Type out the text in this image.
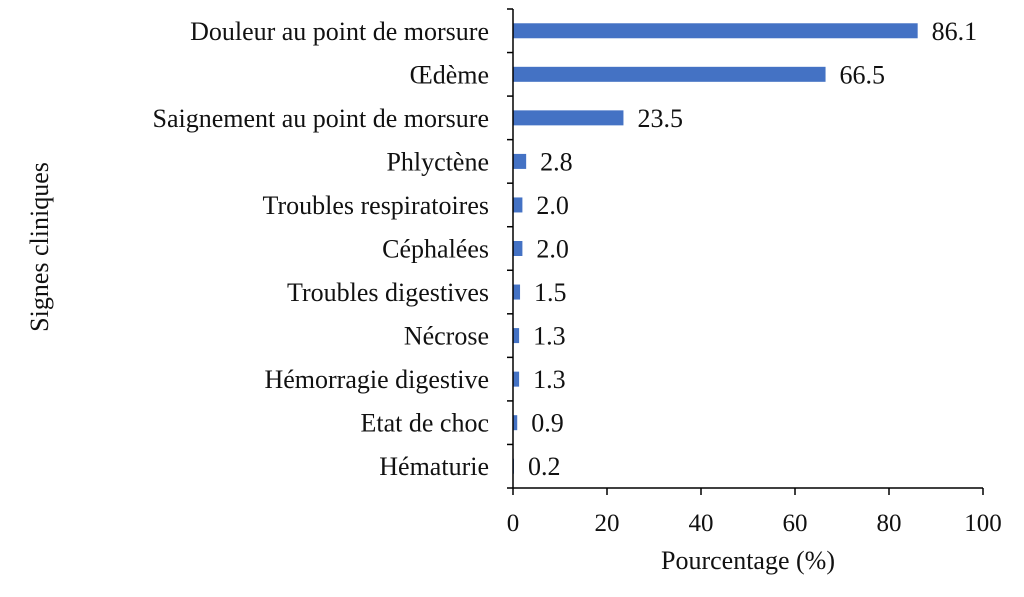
Douleur au point de morsure
Œdème
Saignement au point de morsure
Phlyctène
Troubles respiratoires
Céphalées
Troubles digestives
Nécrose
Hémorragie digestive
Etat de choc
Hématurie
86.1
66.5
23.5
2.8
2.0
2.0
1.5
1.3
1.3
0.9
0.2
0	20	40	60	80	100
Pourcentage (%)
Signes cliniques
